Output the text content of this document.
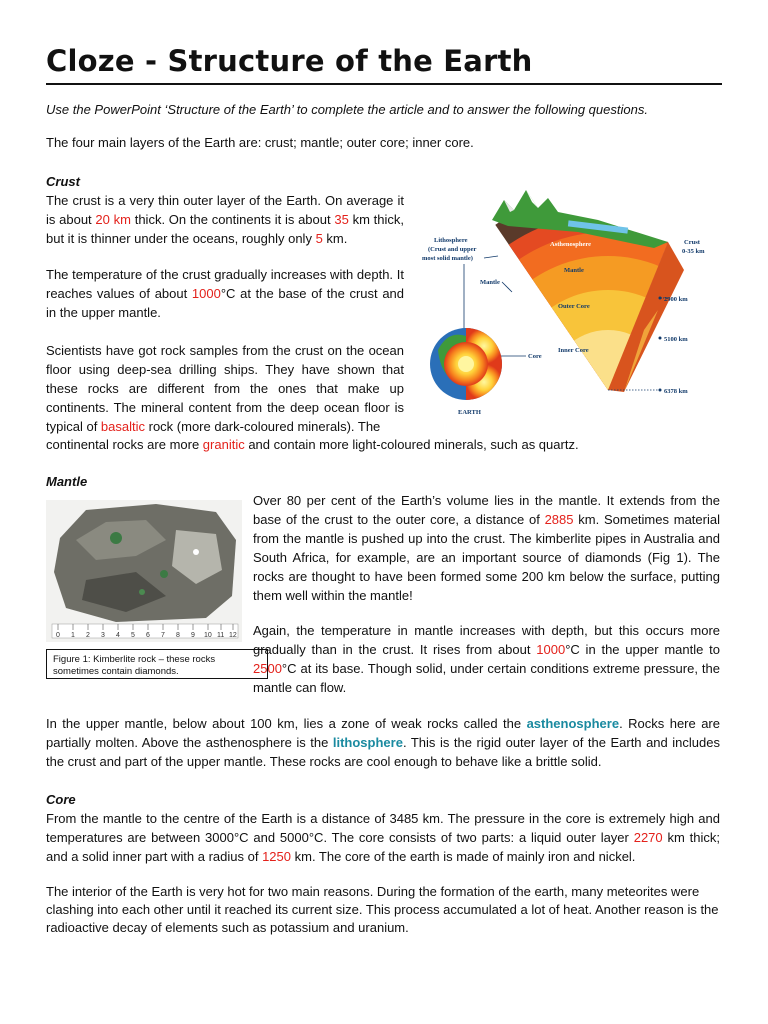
Cloze - Structure of the Earth

Use the PowerPoint ‘Structure of the Earth’ to complete the article and to answer the following questions.

The four main layers of the Earth are: crust; mantle; outer core; inner core.

Crust

The crust is a very thin outer layer of the Earth. On average it is about 20 km thick. On the continents it is about 35 km thick, but it is thinner under the oceans, roughly only 5 km.

The temperature of the crust gradually increases with depth. It reaches values of about 1000°C at the base of the crust and in the upper mantle.

Scientists have got rock samples from the crust on the ocean floor using deep-sea drilling ships. They have shown that these rocks are different from the ones that make up continents. The mineral content from the deep ocean floor is typical of basaltic rock (more dark-coloured minerals). The

continental rocks are more granitic and contain more light-coloured minerals, such as quartz.

Asthenosphere
Mantle
Outer Core
Inner Core
Crust
0-35 km
2900 km
5100 km
6378 km
Lithosphere
(Crust and upper
most solid mantle)
Mantle
Core
EARTH

Mantle

0 1 2 3 4 5 6 7 8 9 10 11 12
Figure 1: Kimberlite rock – these rocks sometimes contain diamonds.

Over 80 per cent of the Earth’s volume lies in the mantle. It extends from the base of the crust to the outer core, a distance of 2885 km. Sometimes material from the mantle is pushed up into the crust. The kimberlite pipes in Australia and South Africa, for example, are an important source of diamonds (Fig 1). The rocks are thought to have been formed some 200 km below the surface, putting them well within the mantle!

Again, the temperature in mantle increases with depth, but this occurs more gradually than in the crust. It rises from about 1000°C in the upper mantle to 2500°C at its base. Though solid, under certain conditions extreme pressure, the mantle can flow.

In the upper mantle, below about 100 km, lies a zone of weak rocks called the asthenosphere. Rocks here are partially molten. Above the asthenosphere is the lithosphere. This is the rigid outer layer of the Earth and includes the crust and part of the upper mantle. These rocks are cool enough to behave like a brittle solid.

Core

From the mantle to the centre of the Earth is a distance of 3485 km. The pressure in the core is extremely high and temperatures are between 3000°C and 5000°C. The core consists of two parts: a liquid outer layer 2270 km thick; and a solid inner part with a radius of 1250 km. The core of the earth is made of mainly iron and nickel.

The interior of the Earth is very hot for two main reasons. During the formation of the earth, many meteorites were clashing into each other until it reached its current size. This process accumulated a lot of heat. Another reason is the radioactive decay of elements such as potassium and uranium.
